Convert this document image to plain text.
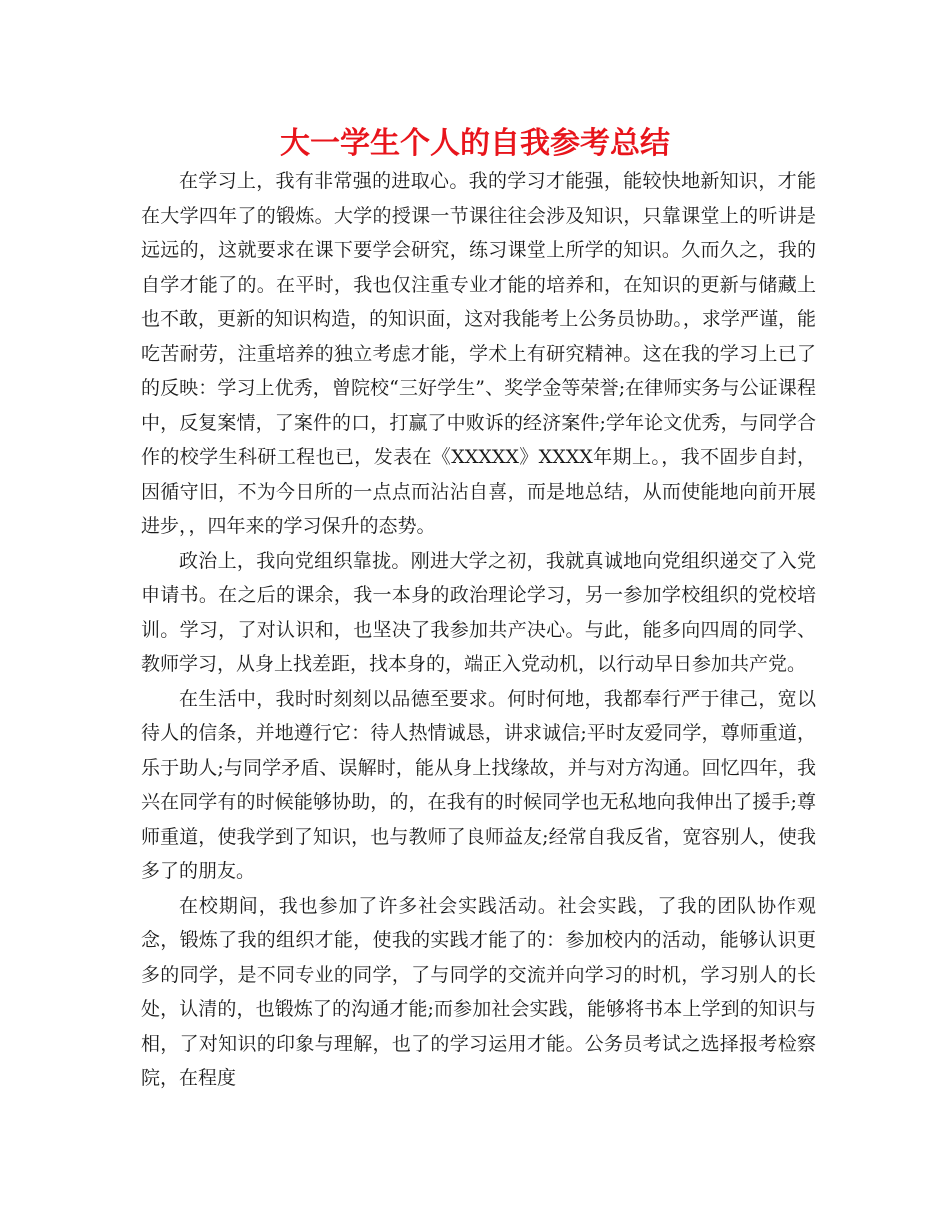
大一学生个人的自我参考总结

在学习上，我有非常强的进取心。我的学习才能强，能较快地新知识，才能在大学四年了的锻炼。大学的授课一节课往往会涉及知识，只靠课堂上的听讲是远远的，这就要求在课下要学会研究，练习课堂上所学的知识。久而久之，我的自学才能了的。在平时，我也仅注重专业才能的培养和，在知识的更新与储藏上也不敢，更新的知识构造，的知识面，这对我能考上公务员协助。，求学严谨，能吃苦耐劳，注重培养的独立考虑才能，学术上有研究精神。这在我的学习上已了的反映：学习上优秀，曾院校“三好学生”、奖学金等荣誉;在律师实务与公证课程中，反复案情，了案件的口，打赢了中败诉的经济案件;学年论文优秀，与同学合作的校学生科研工程也已，发表在《XXXXX》XXXX年期上。，我不固步自封，因循守旧，不为今日所的一点点而沾沾自喜，而是地总结，从而使能地向前开展进步，，四年来的学习保升的态势。

政治上，我向党组织靠拢。刚进大学之初，我就真诚地向党组织递交了入党申请书。在之后的课余，我一本身的政治理论学习，另一参加学校组织的党校培训。学习，了对认识和，也坚决了我参加共产决心。与此，能多向四周的同学、教师学习，从身上找差距，找本身的，端正入党动机，以行动早日参加共产党。

在生活中，我时时刻刻以品德至要求。何时何地，我都奉行严于律己，宽以待人的信条，并地遵行它：待人热情诚恳，讲求诚信;平时友爱同学，尊师重道，乐于助人;与同学矛盾、误解时，能从身上找缘故，并与对方沟通。回忆四年，我兴在同学有的时候能够协助，的，在我有的时候同学也无私地向我伸出了援手;尊师重道，使我学到了知识，也与教师了良师益友;经常自我反省，宽容别人，使我多了的朋友。

在校期间，我也参加了许多社会实践活动。社会实践，了我的团队协作观念，锻炼了我的组织才能，使我的实践才能了的：参加校内的活动，能够认识更多的同学，是不同专业的同学，了与同学的交流并向学习的时机，学习别人的长处，认清的，也锻炼了的沟通才能;而参加社会实践，能够将书本上学到的知识与相，了对知识的印象与理解，也了的学习运用才能。公务员考试之选择报考检察院，在程度
